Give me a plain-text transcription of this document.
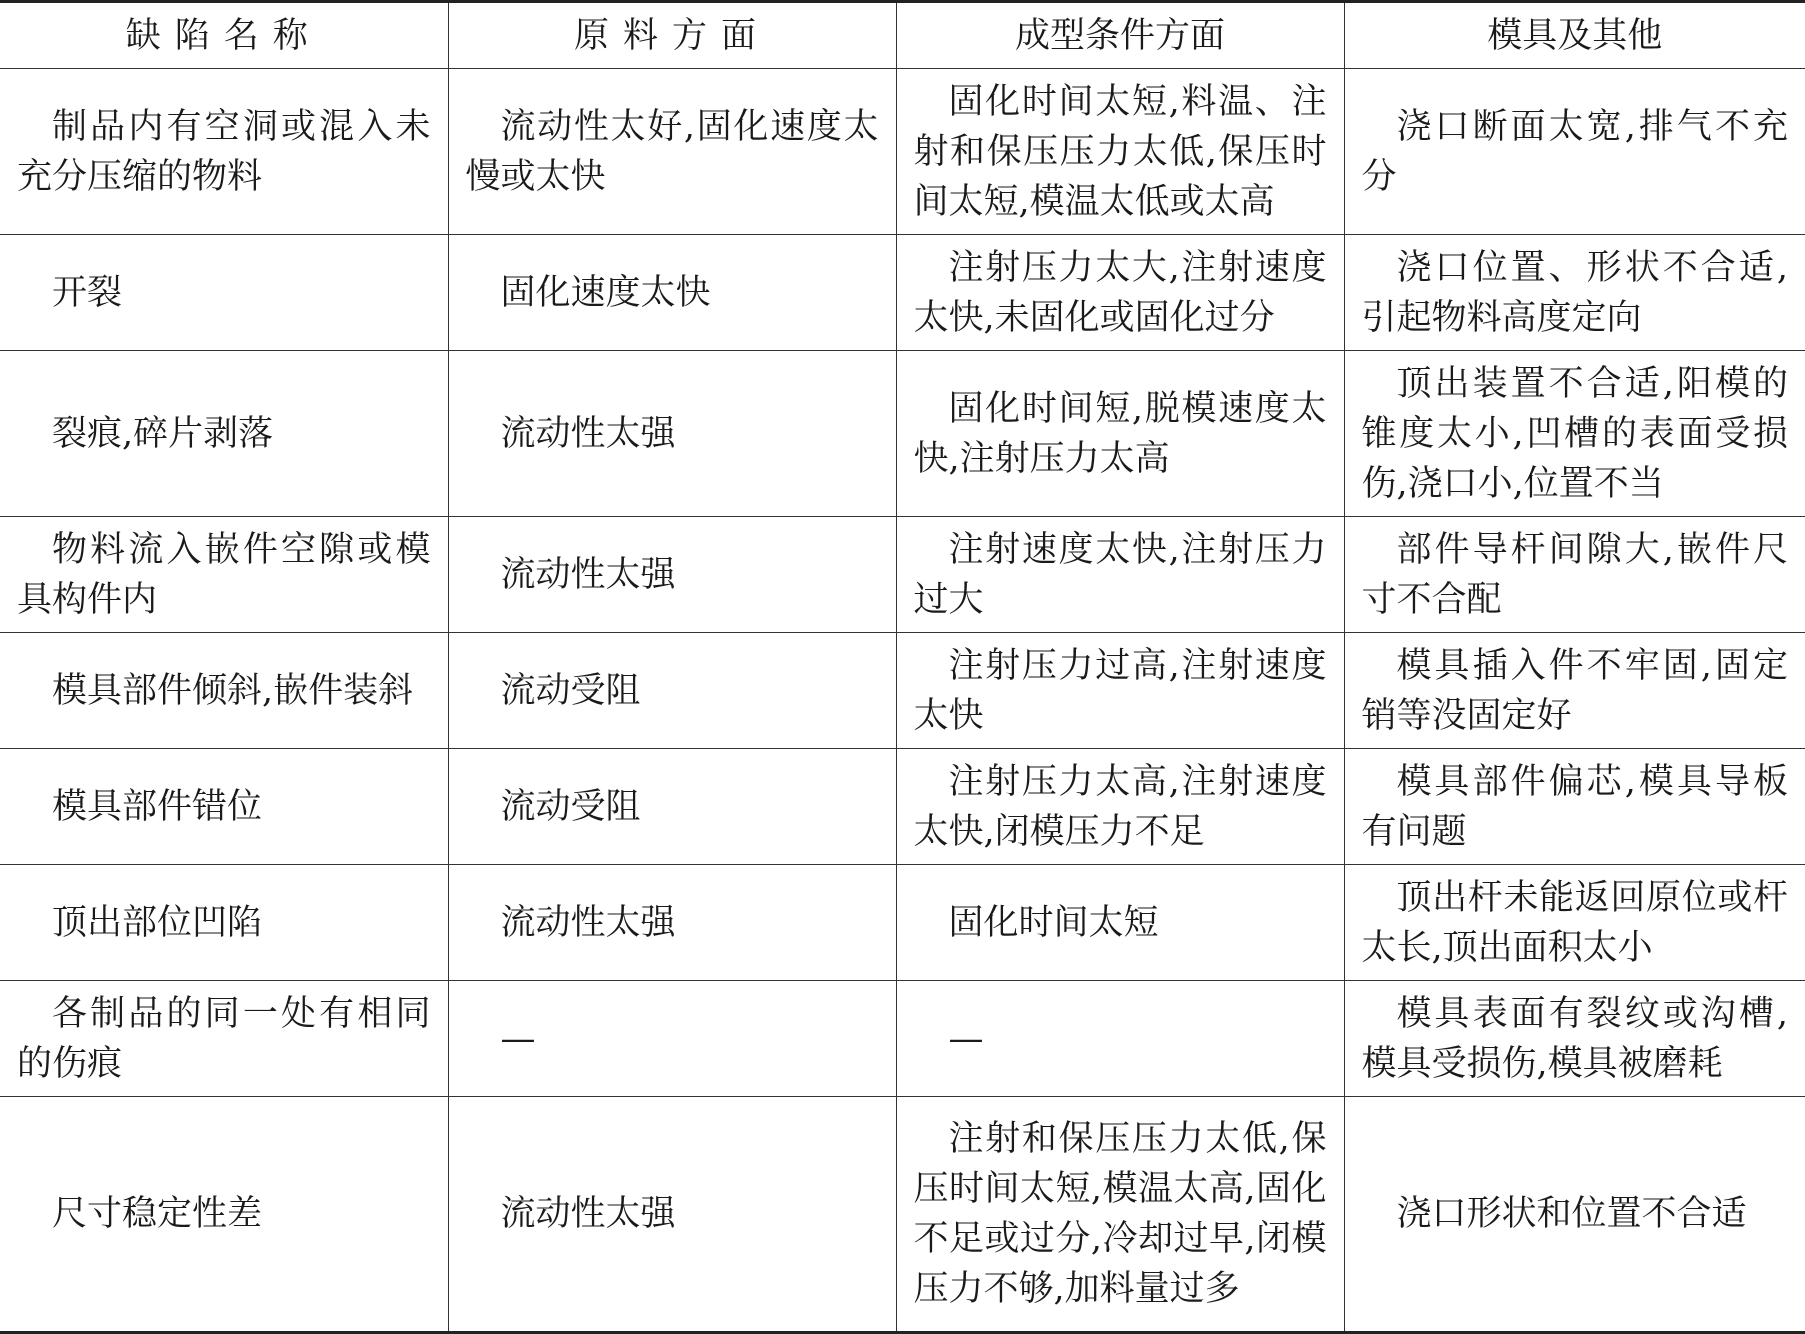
缺陷名称	原料方面	成型条件方面	模具及其他
制品内有空洞或混入未充分压缩的物料	流动性太好,固化速度太慢或太快	固化时间太短,料温、注射和保压压力太低,保压时间太短,模温太低或太高	浇口断面太宽,排气不充分
开裂	固化速度太快	注射压力太大,注射速度太快,未固化或固化过分	浇口位置、形状不合适,引起物料高度定向
裂痕,碎片剥落	流动性太强	固化时间短,脱模速度太快,注射压力太高	顶出装置不合适,阳模的锥度太小,凹槽的表面受损伤,浇口小,位置不当
物料流入嵌件空隙或模具构件内	流动性太强	注射速度太快,注射压力过大	部件导杆间隙大,嵌件尺寸不合配
模具部件倾斜,嵌件装斜	流动受阻	注射压力过高,注射速度太快	模具插入件不牢固,固定销等没固定好
模具部件错位	流动受阻	注射压力太高,注射速度太快,闭模压力不足	模具部件偏芯,模具导板有问题
顶出部位凹陷	流动性太强	固化时间太短	顶出杆未能返回原位或杆太长,顶出面积太小
各制品的同一处有相同的伤痕	—	—	模具表面有裂纹或沟槽,模具受损伤,模具被磨耗
尺寸稳定性差	流动性太强	注射和保压压力太低,保压时间太短,模温太高,固化不足或过分,冷却过早,闭模压力不够,加料量过多	浇口形状和位置不合适
